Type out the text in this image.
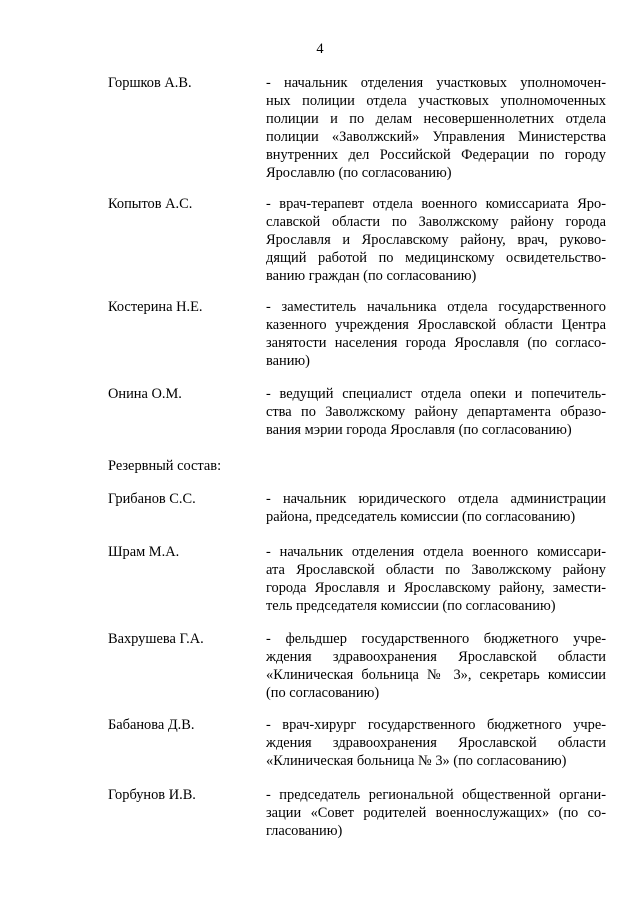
4
Горшков А.В.	- начальник отделения участковых уполномочен-
ных полиции отдела участковых уполномоченных
полиции и по делам несовершеннолетних отдела
полиции «Заволжский» Управления Министерства
внутренних дел Российской Федерации по городу
Ярославлю (по согласованию)
Копытов А.С.	- врач-терапевт отдела военного комиссариата Яро-
славской области по Заволжскому району города
Ярославля и Ярославскому району, врач, руково-
дящий работой по медицинскому освидетельство-
ванию граждан (по согласованию)
Костерина Н.Е.	- заместитель начальника отдела государственного
казенного учреждения Ярославской области Центра
занятости населения города Ярославля (по согласо-
ванию)
Онина О.М.	- ведущий специалист отдела опеки и попечитель-
ства по Заволжскому району департамента образо-
вания мэрии города Ярославля (по согласованию)
Резервный состав:
Грибанов С.С.	- начальник юридического отдела администрации
района, председатель комиссии (по согласованию)
Шрам М.А.	- начальник отделения отдела военного комиссари-
ата Ярославской области по Заволжскому району
города Ярославля и Ярославскому району, замести-
тель председателя комиссии (по согласованию)
Вахрушева Г.А.	- фельдшер государственного бюджетного учре-
ждения здравоохранения Ярославской области
«Клиническая больница № 3», секретарь комиссии
(по согласованию)
Бабанова Д.В.	- врач-хирург государственного бюджетного учре-
ждения здравоохранения Ярославской области
«Клиническая больница № 3» (по согласованию)
Горбунов И.В.	- председатель региональной общественной органи-
зации «Совет родителей военнослужащих» (по со-
гласованию)
